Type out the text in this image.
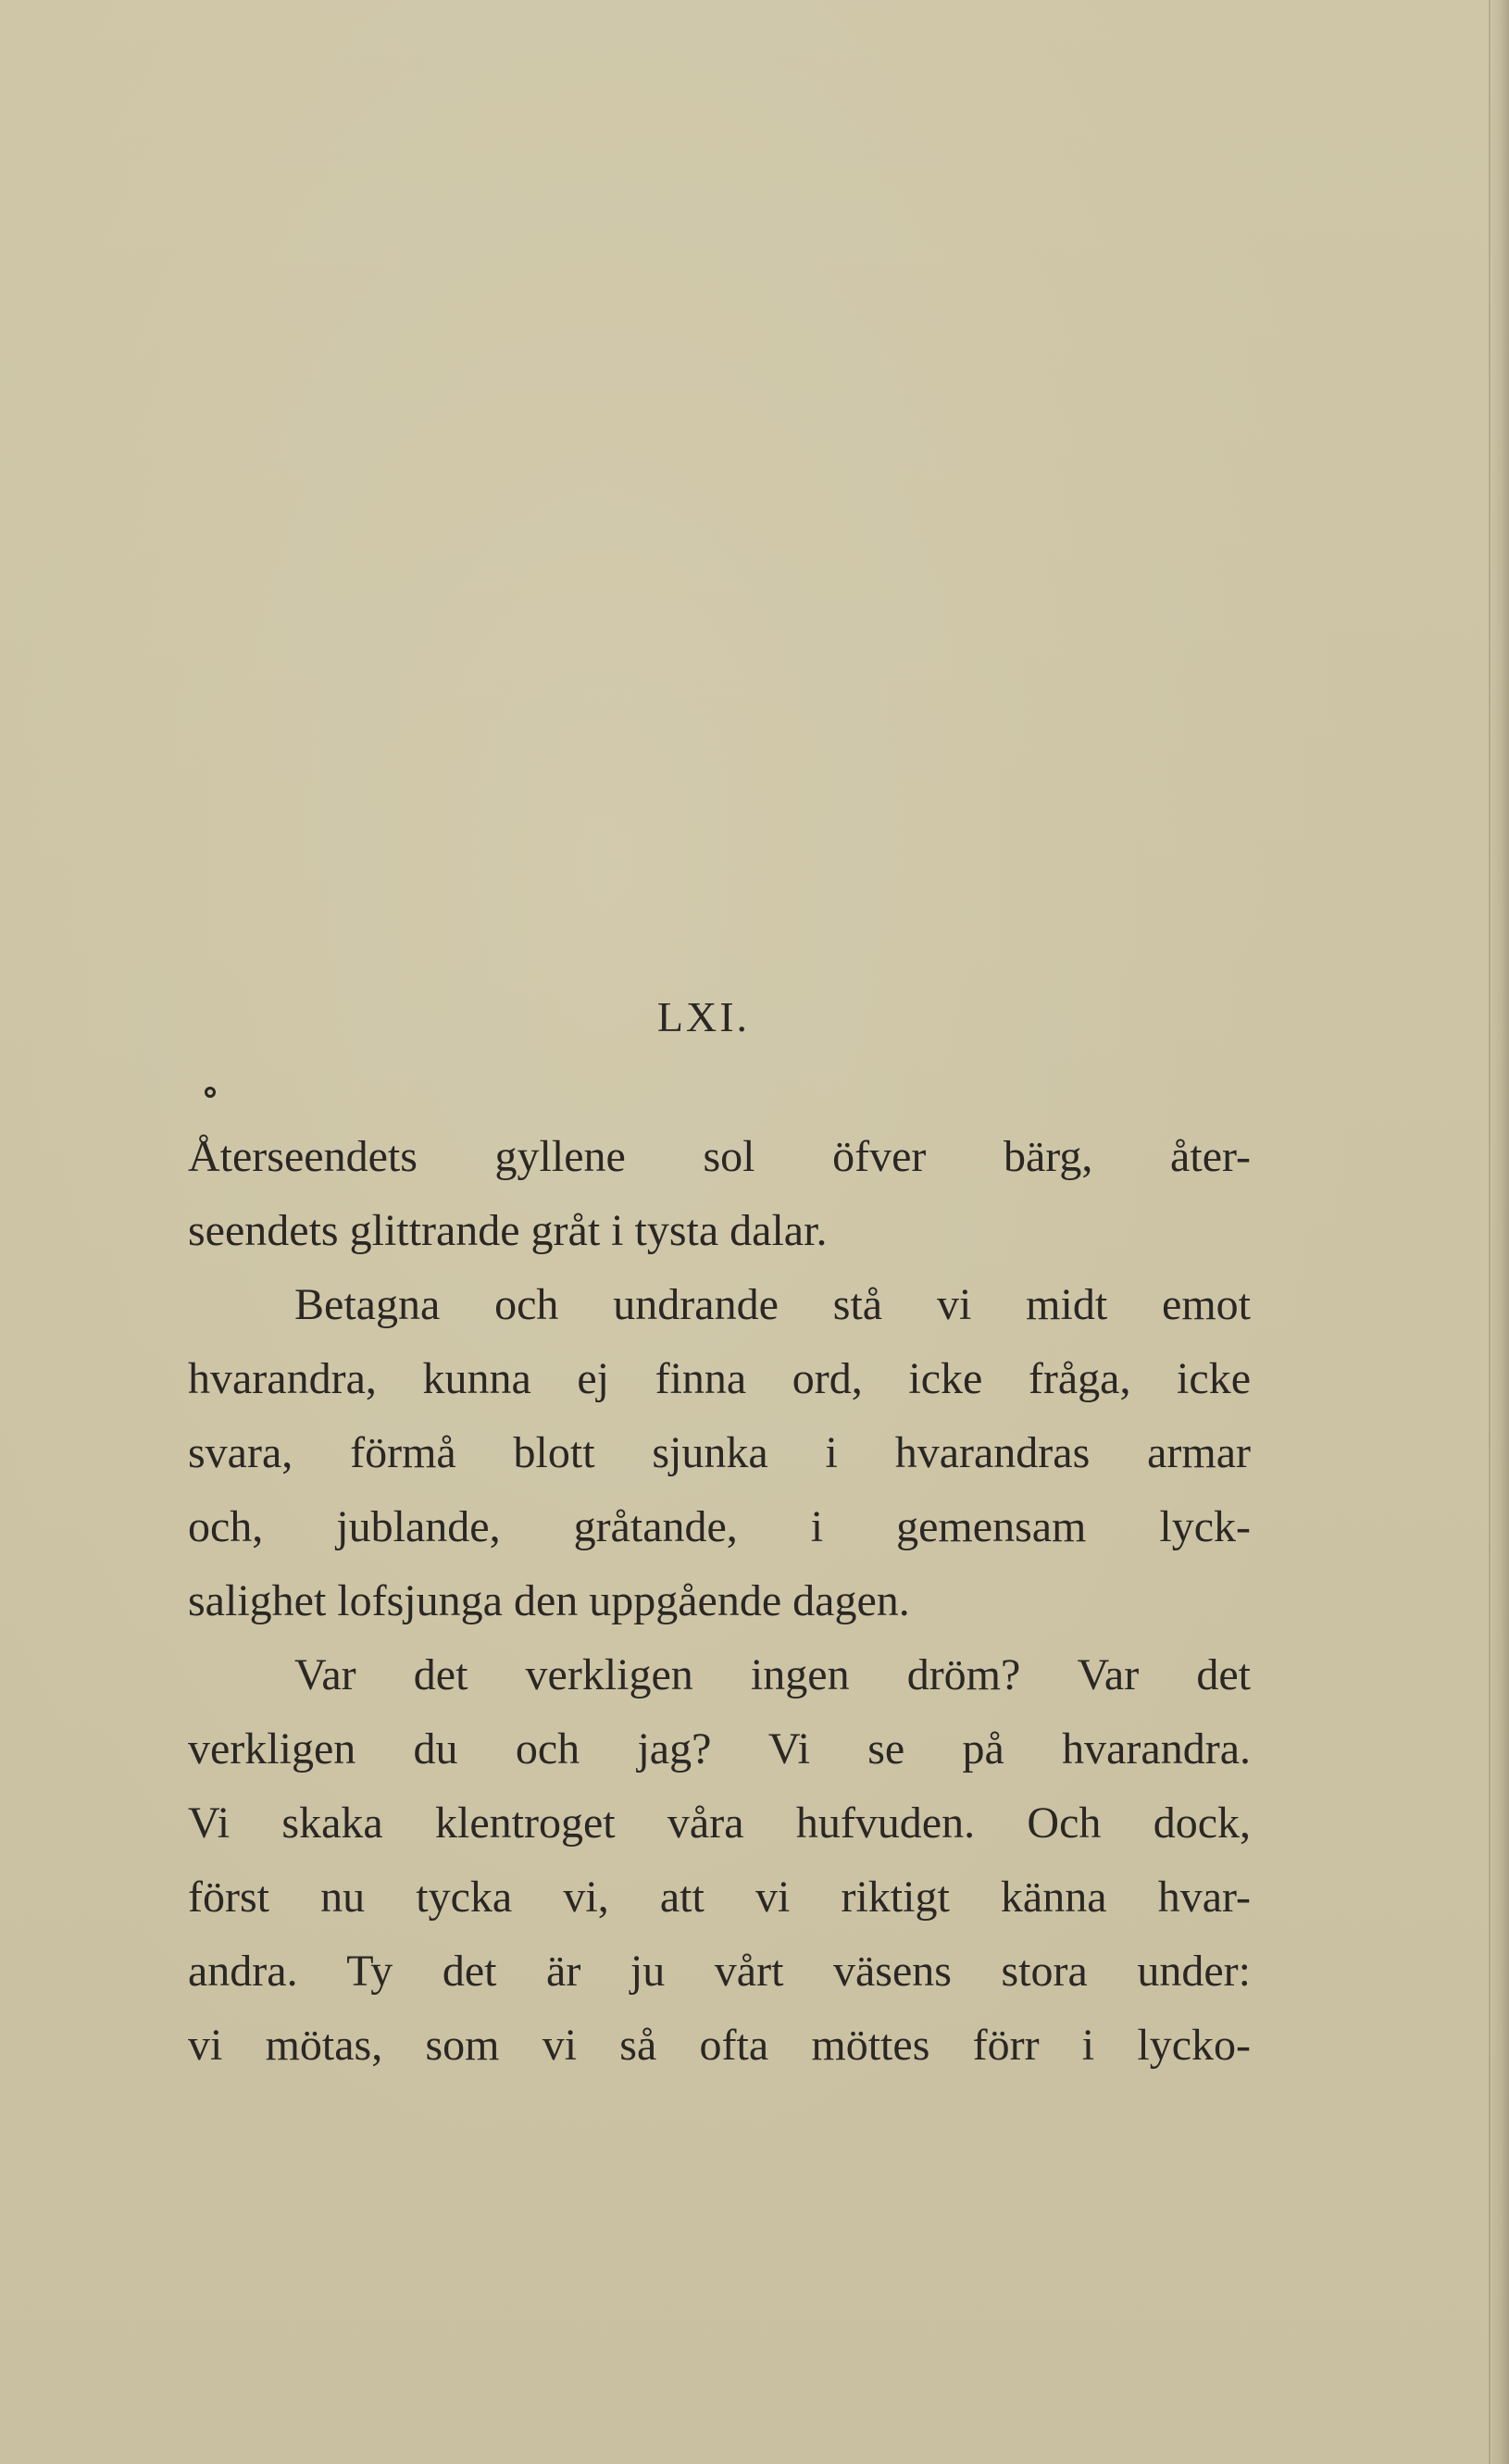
LXI.
Återseendets gyllene sol öfver bärg, åter-
seendets glittrande gråt i tysta dalar.
Betagna och undrande stå vi midt emot
hvarandra, kunna ej finna ord, icke fråga, icke
svara, förmå blott sjunka i hvarandras armar
och, jublande, gråtande, i gemensam lyck-
salighet lofsjunga den uppgående dagen.
Var det verkligen ingen dröm? Var det
verkligen du och jag? Vi se på hvarandra.
Vi skaka klentroget våra hufvuden. Och dock,
först nu tycka vi, att vi riktigt känna hvar-
andra. Ty det är ju vårt väsens stora under:
vi mötas, som vi så ofta möttes förr i lycko-
